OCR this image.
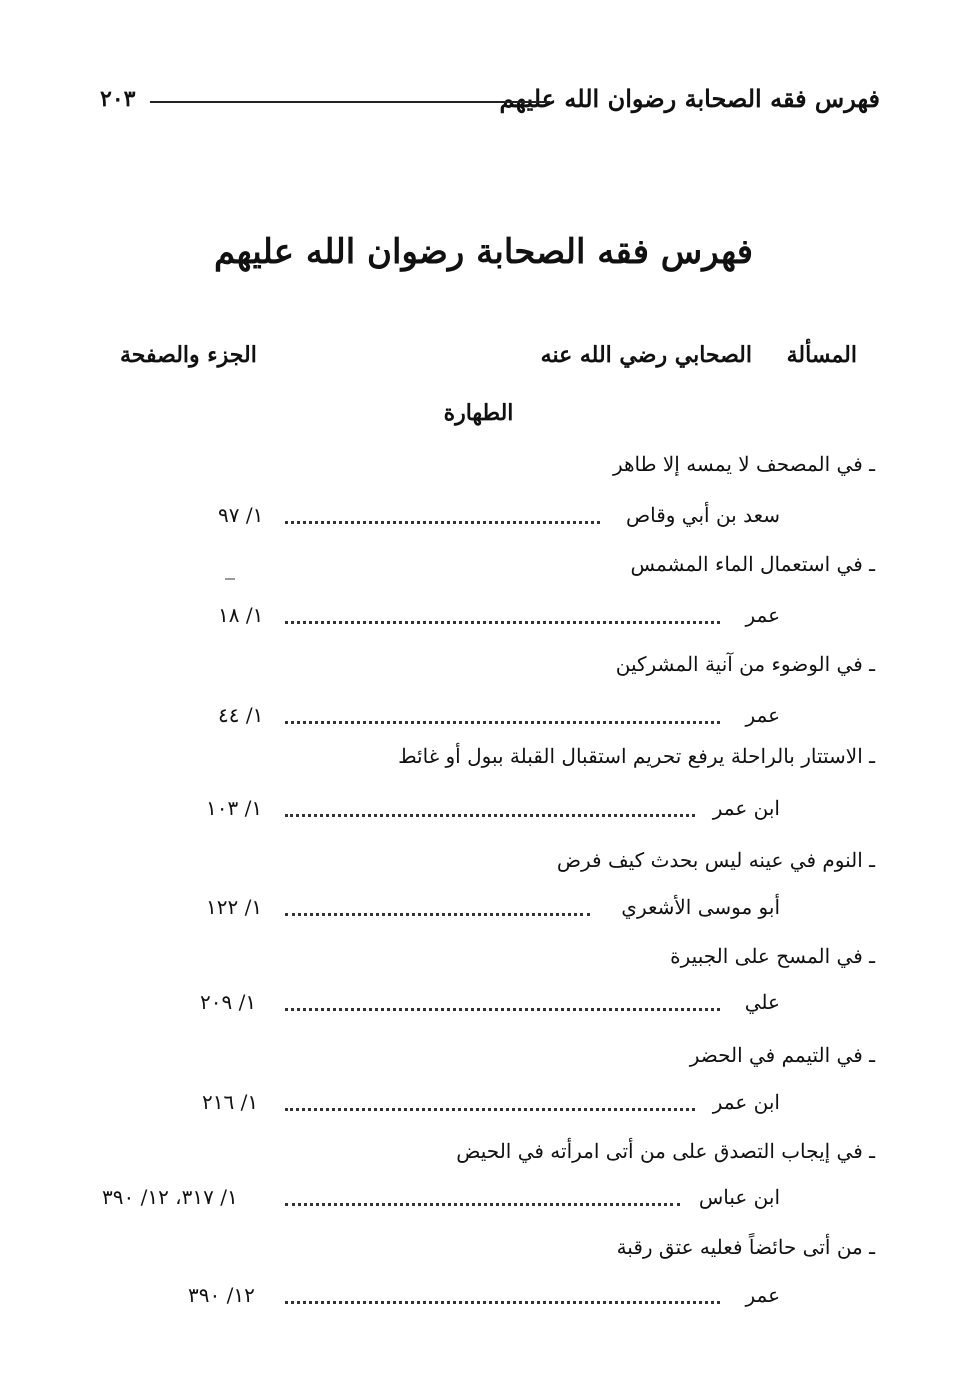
فهرس فقه الصحابة رضوان الله عليهم
٢٠٣
فهرس فقه الصحابة رضوان الله عليهم
المسألة
الصحابي رضي الله عنه
الجزء والصفحة
الطهارة
ـ في المصحف لا يمسه إلا طاهر
سعد بن أبي وقاص
١/ ٩٧
ـ في استعمال الماء المشمس
عمر
١/ ١٨
ـ في الوضوء من آنية المشركين
عمر
١/ ٤٤
ـ الاستتار بالراحلة يرفع تحريم استقبال القبلة ببول أو غائط
ابن عمر
١/ ١٠٣
ـ النوم في عينه ليس بحدث كيف فرض
أبو موسى الأشعري
١/ ١٢٢
ـ في المسح على الجبيرة
علي
١/ ٢٠٩
ـ في التيمم في الحضر
ابن عمر
١/ ٢١٦
ـ في إيجاب التصدق على من أتى امرأته في الحيض
ابن عباس
١/ ٣١٧، ١٢/ ٣٩٠
ـ من أتى حائضاً فعليه عتق رقبة
عمر
١٢/ ٣٩٠
